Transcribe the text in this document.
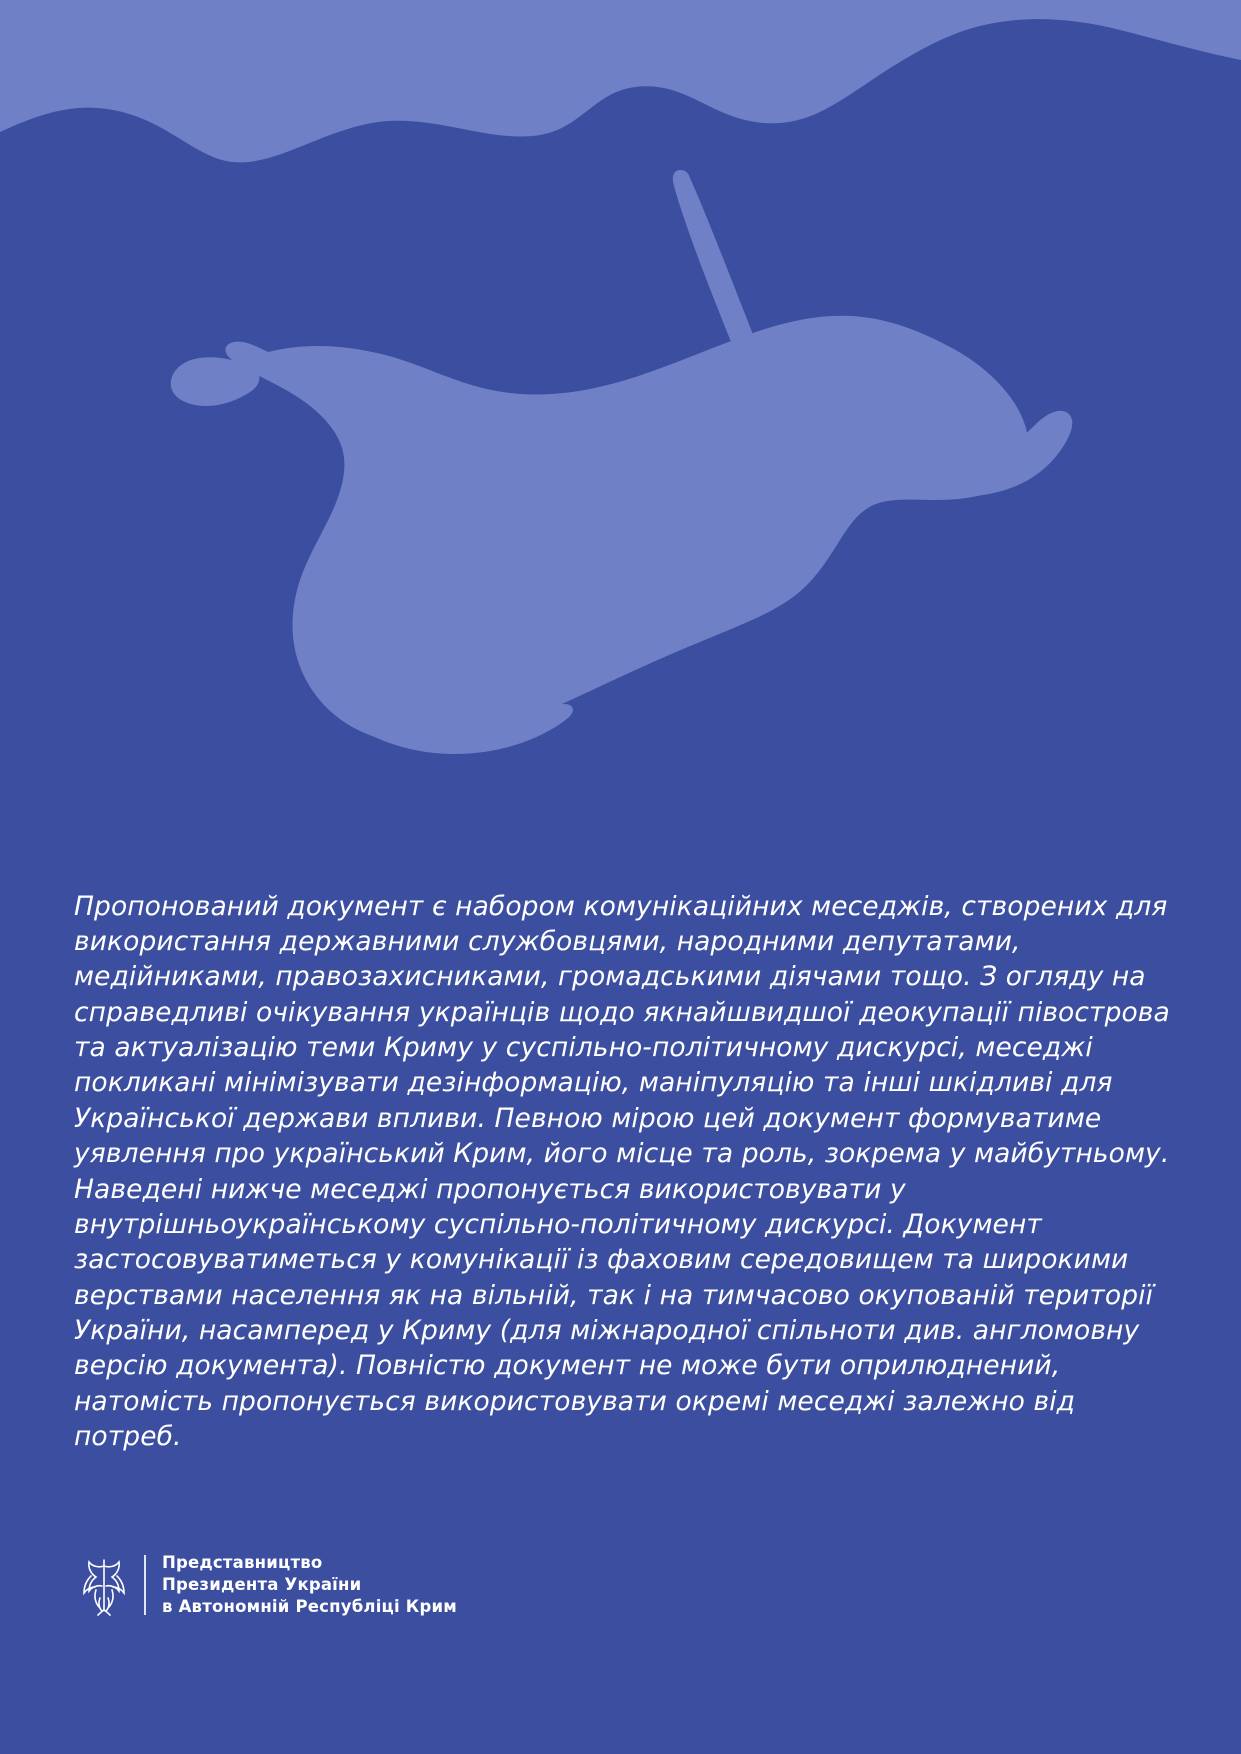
Пропонований документ є набором комунікаційних меседжів, створених для використання державними службовцями, народними депутатами, медійниками, правозахисниками, громадськими діячами тощо. З огляду на справедливі очікування українців щодо якнайшвидшої деокупації півострова та актуалізацію теми Криму у суспільно-політичному дискурсі, меседжі покликані мінімізувати дезінформацію, маніпуляцію та інші шкідливі для Української держави впливи. Певною мірою цей документ формуватиме уявлення про український Крим, його місце та роль, зокрема у майбутньому. Наведені нижче меседжі пропонується використовувати у внутрішньоукраїнському суспільно-політичному дискурсі. Документ застосовуватиметься у комунікації із фаховим середовищем та широкими верствами населення як на вільній, так і на тимчасово окупованій території України, насамперед у Криму (для міжнародної спільноти див. англомовну версію документа). Повністю документ не може бути оприлюднений, натомість пропонується використовувати окремі меседжі залежно від потреб.

Представництво
Президента України
в Автономній Республіці Крим
